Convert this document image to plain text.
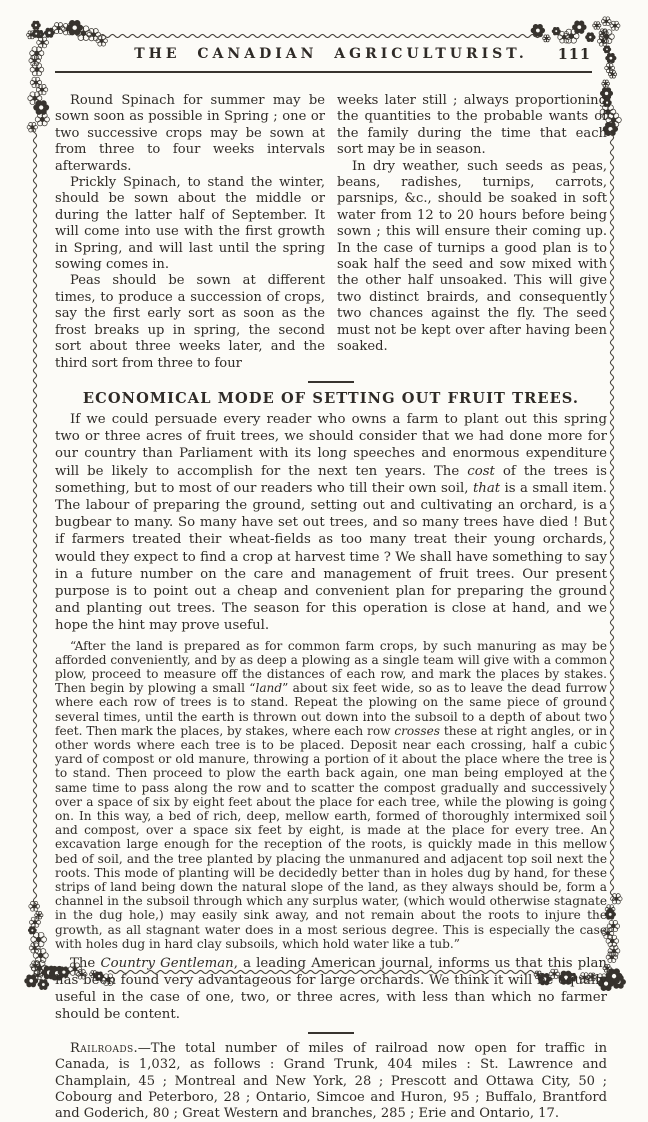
THE CANADIAN AGRICULTURIST.	111

Round Spinach for summer may be sown soon as possible in Spring ; one or two successive crops may be sown at from three to four weeks intervals afterwards.

Prickly Spinach, to stand the winter, should be sown about the middle or during the latter half of September. It will come into use with the first growth in Spring, and will last until the spring sowing comes in.

Peas should be sown at different times, to produce a succession of crops, say the first early sort as soon as the frost breaks up in spring, the second sort about three weeks later, and the third sort from three to four

weeks later still ; always proportioning the quantities to the probable wants of the family during the time that each sort may be in season.

In dry weather, such seeds as peas, beans, radishes, turnips, carrots, parsnips, &c., should be soaked in soft water from 12 to 20 hours before being sown ; this will ensure their coming up. In the case of turnips a good plan is to soak half the seed and sow mixed with the other half unsoaked. This will give two distinct brairds, and consequently two chances against the fly. The seed must not be kept over after having been soaked.

ECONOMICAL MODE OF SETTING OUT FRUIT TREES.

If we could persuade every reader who owns a farm to plant out this spring two or three acres of fruit trees, we should consider that we had done more for our country than Parliament with its long speeches and enormous expenditure will be likely to accomplish for the next ten years. The cost of the trees is something, but to most of our readers who till their own soil, that is a small item. The labour of preparing the ground, setting out and cultivating an orchard, is a bugbear to many. So many have set out trees, and so many trees have died ! But if farmers treated their wheat-fields as too many treat their young orchards, would they expect to find a crop at harvest time ? We shall have something to say in a future number on the care and management of fruit trees. Our present purpose is to point out a cheap and convenient plan for preparing the ground and planting out trees. The season for this operation is close at hand, and we hope the hint may prove useful.

“After the land is prepared as for common farm crops, by such manuring as may be afforded conveniently, and by as deep a plowing as a single team will give with a common plow, proceed to measure off the distances of each row, and mark the places by stakes. Then begin by plowing a small “land” about six feet wide, so as to leave the dead furrow where each row of trees is to stand. Repeat the plowing on the same piece of ground several times, until the earth is thrown out down into the subsoil to a depth of about two feet. Then mark the places, by stakes, where each row crosses these at right angles, or in other words where each tree is to be placed. Deposit near each crossing, half a cubic yard of compost or old manure, throwing a portion of it about the place where the tree is to stand. Then proceed to plow the earth back again, one man being employed at the same time to pass along the row and to scatter the compost gradually and successively over a space of six by eight feet about the place for each tree, while the plowing is going on. In this way, a bed of rich, deep, mellow earth, formed of thoroughly intermixed soil and compost, over a space six feet by eight, is made at the place for every tree. An excavation large enough for the reception of the roots, is quickly made in this mellow bed of soil, and the tree planted by placing the unmanured and adjacent top soil next the roots. This mode of planting will be decidedly better than in holes dug by hand, for these strips of land being down the natural slope of the land, as they always should be, form a channel in the subsoil through which any surplus water, (which would otherwise stagnate in the dug hole,) may easily sink away, and not remain about the roots to injure the growth, as all stagnant water does in a most serious degree. This is especially the case with holes dug in hard clay subsoils, which hold water like a tub.”

The Country Gentleman, a leading American journal, informs us that this plan has been found very advantageous for large orchards. We think it will be equally useful in the case of one, two, or three acres, with less than which no farmer should be content.

Railroads.—The total number of miles of railroad now open for traffic in Canada, is 1,032, as follows : Grand Trunk, 404 miles : St. Lawrence and Champlain, 45 ; Montreal and New York, 28 ; Prescott and Ottawa City, 50 ; Cobourg and Peterboro, 28 ; Ontario, Simcoe and Huron, 95 ; Buffalo, Brantford and Goderich, 80 ; Great Western and branches, 285 ; Erie and Ontario, 17.
